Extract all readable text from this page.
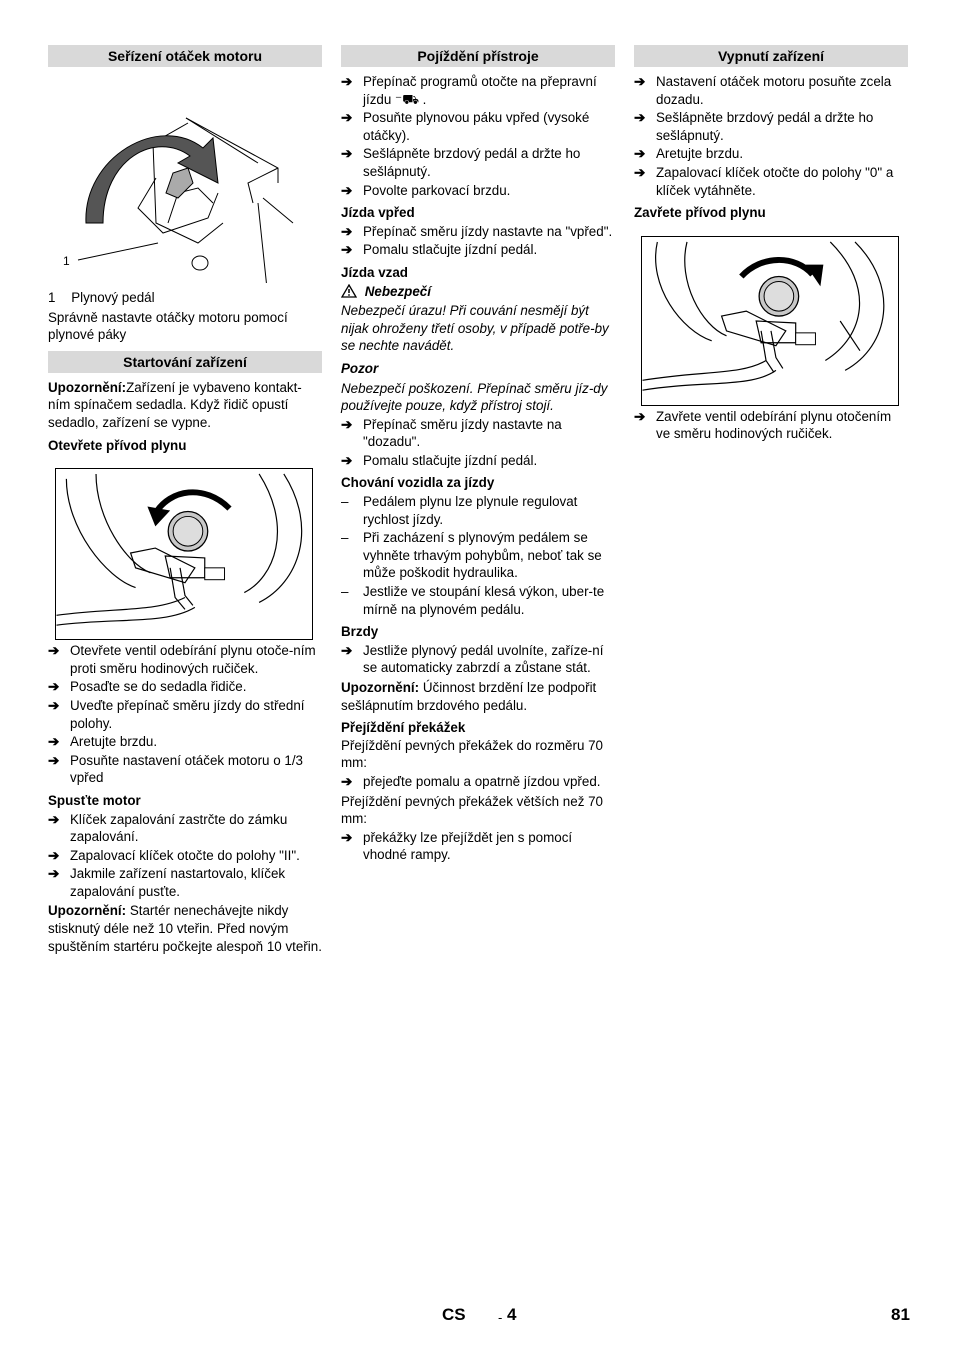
Seřízení otáček motoru
1
1 Plynový pedál
Správně nastavte otáčky motoru pomocí plynové páky
Startování zařízení
Upozornění:Zařízení je vybaveno kontakt-ním spínačem sedadla. Když řidič opustí sedadlo, zařízení se vypne.
Otevřete přívod plynu
➔ Otevřete ventil odebírání plynu otoče-ním proti směru hodinových ručiček.
➔ Posaďte se do sedadla řidiče.
➔ Uveďte přepínač směru jízdy do střední polohy.
➔ Aretujte brzdu.
➔ Posuňte nastavení otáček motoru o 1/3 vpřed
Spusťte motor
➔ Klíček zapalování zastrčte do zámku zapalování.
➔ Zapalovací klíček otočte do polohy "II".
➔ Jakmile zařízení nastartovalo, klíček zapalování pusťte.
Upozornění: Startér nenechávejte nikdy stisknutý déle než 10 vteřin. Před novým spuštěním startéru počkejte alespoň 10 vteřin.
Pojíždění přístroje
➔ Přepínač programů otočte na přepravní jízdu ⁻⛟ .
➔ Posuňte plynovou páku vpřed (vysoké otáčky).
➔ Sešlápněte brzdový pedál a držte ho sešlápnutý.
➔ Povolte parkovací brzdu.
Jízda vpřed
➔ Přepínač směru jízdy nastavte na "vpřed".
➔ Pomalu stlačujte jízdní pedál.
Jízda vzad
Nebezpečí
Nebezpečí úrazu! Při couvání nesmějí být nijak ohroženy třetí osoby, v případě potře-by se nechte navádět.
Pozor
Nebezpečí poškození. Přepínač směru jíz-dy používejte pouze, když přístroj stojí.
➔ Přepínač směru jízdy nastavte na "dozadu".
➔ Pomalu stlačujte jízdní pedál.
Chování vozidla za jízdy
– Pedálem plynu lze plynule regulovat rychlost jízdy.
– Při zacházení s plynovým pedálem se vyhněte trhavým pohybům, neboť tak se může poškodit hydraulika.
– Jestliže ve stoupání klesá výkon, uber-te mírně na plynovém pedálu.
Brzdy
➔ Jestliže plynový pedál uvolníte, zaříze-ní se automaticky zabrzdí a zůstane stát.
Upozornění: Účinnost brzdění lze podpořit sešlápnutím brzdového pedálu.
Přejíždění překážek
Přejíždění pevných překážek do rozměru 70 mm:
➔ přejeďte pomalu a opatrně jízdou vpřed.
Přejíždění pevných překážek větších než 70 mm:
➔ překážky lze přejíždět jen s pomocí vhodné rampy.
Vypnutí zařízení
➔ Nastavení otáček motoru posuňte zcela dozadu.
➔ Sešlápněte brzdový pedál a držte ho sešlápnutý.
➔ Aretujte brzdu.
➔ Zapalovací klíček otočte do polohy "0" a klíček vytáhněte.
Zavřete přívod plynu
➔ Zavřete ventil odebírání plynu otočením ve směru hodinových ručiček.
CS - 4	81
